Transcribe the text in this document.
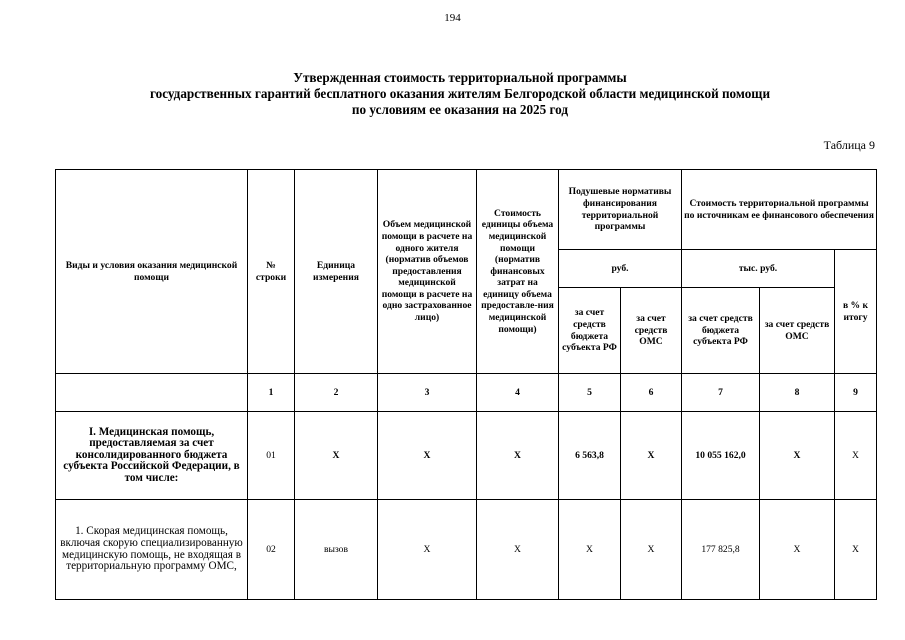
194
Утвержденная стоимость территориальной программы
государственных гарантий бесплатного оказания жителям Белгородской области медицинской помощи
по условиям ее оказания на 2025 год
Таблица 9
Виды и условия оказания медицинской помощи	№ строки	Единица измерения	Объем медицинской помощи в расчете на одного жителя (норматив объемов предоставления медицинской помощи в расчете на одно застрахованное лицо)	Стоимость единицы объема медицинской помощи (норматив финансовых затрат на единицу объема предоставле-ния медицинской помощи)	Подушевые нормативы финансирования территориальной программы		Стоимость территориальной программы по источникам ее финансового обеспечения		
					руб.		тыс. руб.		в % к итогу
					за счет средств бюджета субъекта РФ	за счет средств ОМС	за счет средств бюджета субъекта РФ	за счет средств ОМС	
	1	2	3	4	5	6	7	8	9
I. Медицинская помощь, предоставляемая за счет консолидированного бюджета субъекта Российской Федерации, в том числе:	01	Х	Х	Х	6 563,8	Х	10 055 162,0	Х	Х
1. Скорая медицинская помощь, включая скорую специализированную медицинскую помощь, не входящая в территориальную программу ОМС,	02	вызов	Х	Х	Х	Х	177 825,8	Х	Х
